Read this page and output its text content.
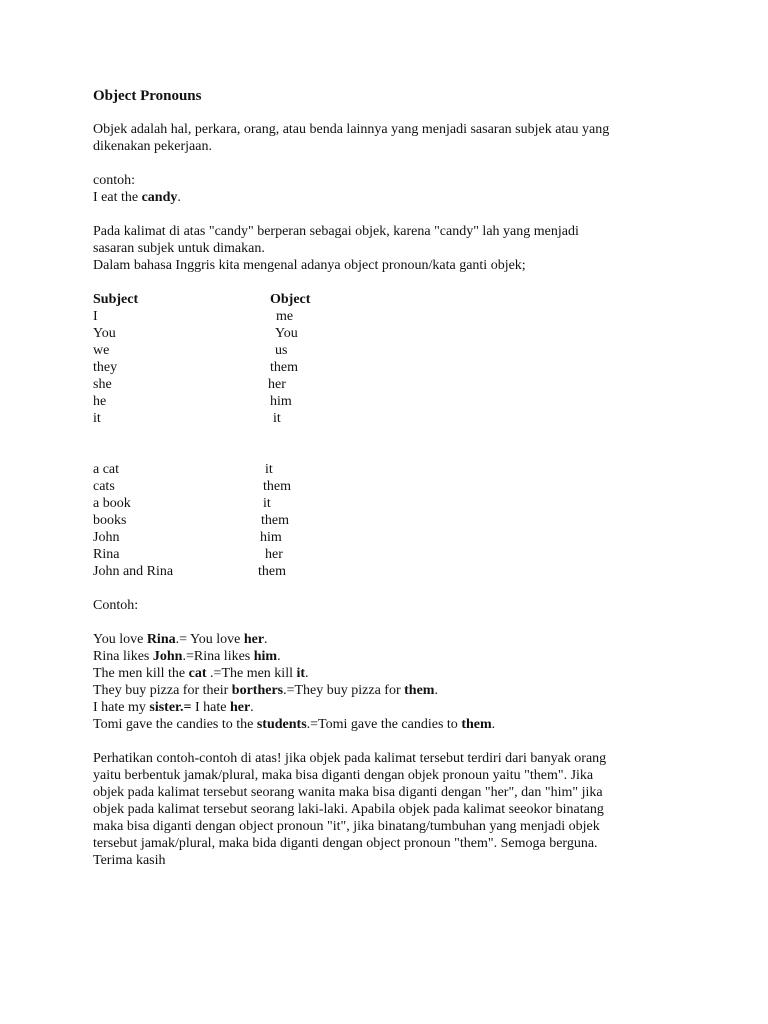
Object Pronouns

Objek adalah hal, perkara, orang, atau benda lainnya yang menjadi sasaran subjek atau yang

dikenakan pekerjaan.

contoh:

I eat the candy.

Pada kalimat di atas "candy" berperan sebagai objek, karena "candy" lah yang menjadi

sasaran subjek untuk dimakan.

Dalam bahasa Inggris kita mengenal adanya object pronoun/kata ganti objek;

Subject	Object
I	me
You	You
we	us
they	them
she	her
he	him
it	it
a cat	it
cats	them
a book	it
books	them
John	him
Rina	her
John and Rina	them

Contoh:

You love Rina.= You love her.

Rina likes John.=Rina likes him.

The men kill the cat .=The men kill it.

They buy pizza for their borthers.=They buy pizza for them.

I hate my sister.= I hate her.

Tomi gave the candies to the students.=Tomi gave the candies to them.

Perhatikan contoh-contoh di atas! jika objek pada kalimat tersebut terdiri dari banyak orang

yaitu berbentuk jamak/plural, maka bisa diganti dengan objek pronoun yaitu "them". Jika

objek pada kalimat tersebut seorang wanita maka bisa diganti dengan "her", dan "him" jika

objek pada kalimat tersebut seorang laki-laki. Apabila objek pada kalimat seeokor binatang

maka bisa diganti dengan object pronoun "it", jika binatang/tumbuhan yang menjadi objek

tersebut jamak/plural, maka bida diganti dengan object pronoun "them". Semoga berguna.

Terima kasih
